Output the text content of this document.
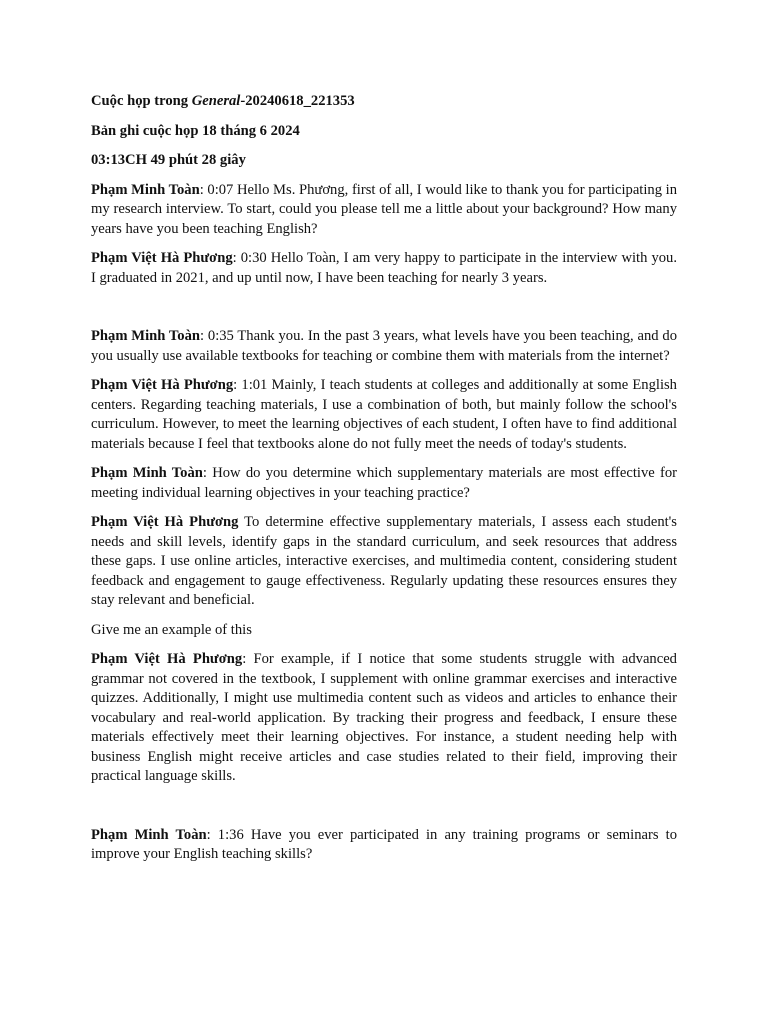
Cuộc họp trong General-20240618_221353

Bản ghi cuộc họp 18 tháng 6 2024

03:13CH 49 phút 28 giây

Phạm Minh Toàn: 0:07 Hello Ms. Phương, first of all, I would like to thank you for participating in my research interview. To start, could you please tell me a little about your background? How many years have you been teaching English?

Phạm Việt Hà Phương: 0:30 Hello Toàn, I am very happy to participate in the interview with you. I graduated in 2021, and up until now, I have been teaching for nearly 3 years.

Phạm Minh Toàn: 0:35 Thank you. In the past 3 years, what levels have you been teaching, and do you usually use available textbooks for teaching or combine them with materials from the internet?

Phạm Việt Hà Phương: 1:01 Mainly, I teach students at colleges and additionally at some English centers. Regarding teaching materials, I use a combination of both, but mainly follow the school's curriculum. However, to meet the learning objectives of each student, I often have to find additional materials because I feel that textbooks alone do not fully meet the needs of today's students.

Phạm Minh Toàn: How do you determine which supplementary materials are most effective for meeting individual learning objectives in your teaching practice?

Phạm Việt Hà Phương To determine effective supplementary materials, I assess each student's needs and skill levels, identify gaps in the standard curriculum, and seek resources that address these gaps. I use online articles, interactive exercises, and multimedia content, considering student feedback and engagement to gauge effectiveness. Regularly updating these resources ensures they stay relevant and beneficial.

Give me an example of this

Phạm Việt Hà Phương: For example, if I notice that some students struggle with advanced grammar not covered in the textbook, I supplement with online grammar exercises and interactive quizzes. Additionally, I might use multimedia content such as videos and articles to enhance their vocabulary and real-world application. By tracking their progress and feedback, I ensure these materials effectively meet their learning objectives. For instance, a student needing help with business English might receive articles and case studies related to their field, improving their practical language skills.

Phạm Minh Toàn: 1:36 Have you ever participated in any training programs or seminars to improve your English teaching skills?
